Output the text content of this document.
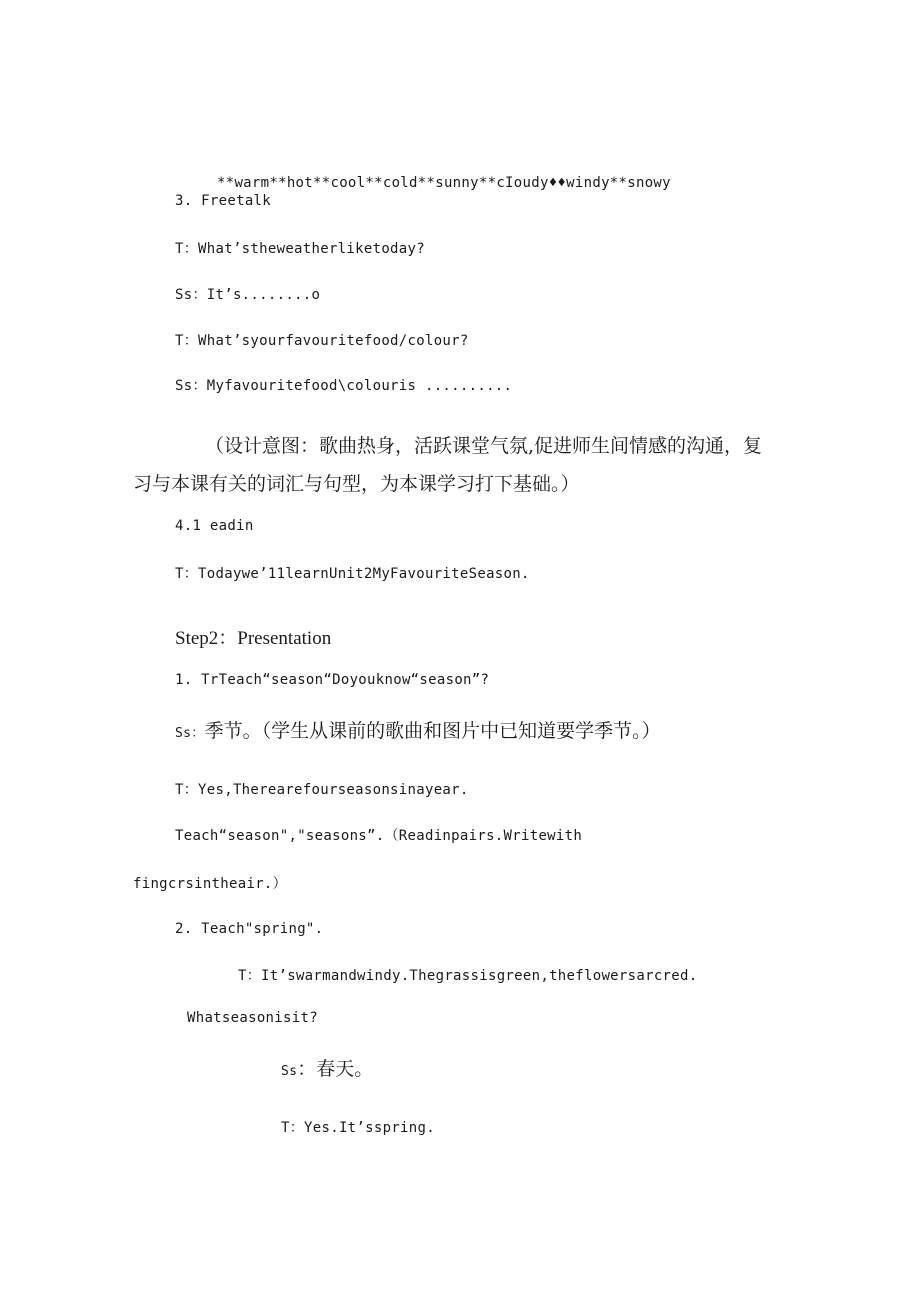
**warm**hot**cool**cold**sunny**cIoudy♦♦windy**snowy
3. Freetalk
T：What’stheweatherliketoday?
Ss：It’s........o
T：What’syourfavouritefood/colour?
Ss：Myfavouritefood\colouris ..........
（设计意图：歌曲热身，活跃课堂气氛,促进师生间情感的沟通，复
习与本课有关的词汇与句型，为本课学习打下基础。）
4.1 eadin
T：Todaywe’11learnUnit2MyFavouriteSeason.
Step2：Presentation
1. TrTeach“season“Doyouknow“season”?
Ss：季节。（学生从课前的歌曲和图片中已知道要学季节。）
T：Yes,Therearefourseasonsinayear.
Teach“season","seasons”.（Readinpairs.Writewith
fingcrsintheair.）
2. Teach"spring".
T：It’swarmandwindy.Thegrassisgreen,theflowersarcred.
Whatseasonisit?
Ss：春天。
T：Yes.It’sspring.
